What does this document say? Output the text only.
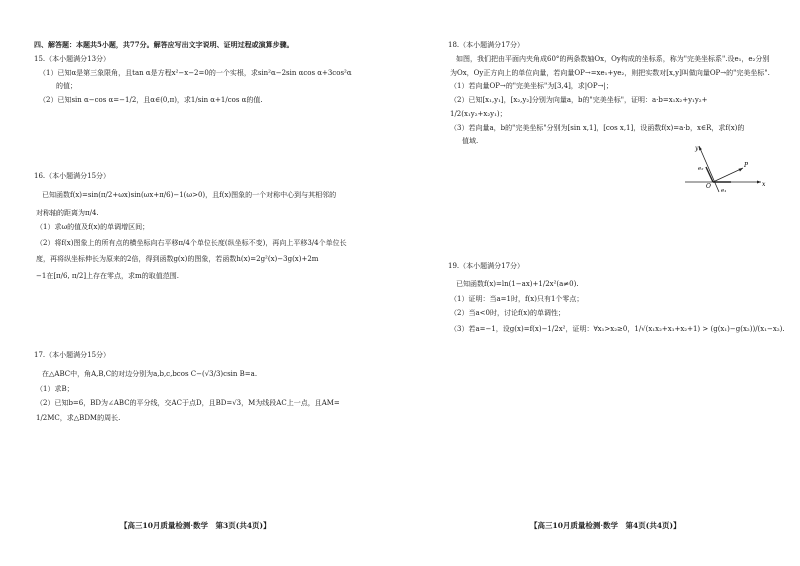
四、解答题：本题共5小题，共77分。解答应写出文字说明、证明过程或演算步骤。
15.（本小题满分13分）
（1）已知α是第三象限角，且tan α是方程x²−x−2=0的一个实根，求sin²α−2sin αcos α+3cos²α
的值；
（2）已知sin α−cos α=−1/2，且α∈(0,π)，求1/sin α+1/cos α的值.
16.（本小题满分15分）
已知函数f(x)=sin(π/2+ωx)sin(ωx+π/6)−1(ω>0)，且f(x)图象的一个对称中心到与其相邻的
对称轴的距离为π/4.
（1）求ω的值及f(x)的单调增区间；
（2）将f(x)图象上的所有点的横坐标向右平移π/4个单位长度(纵坐标不变)，再向上平移3/4个单位长
度，再将纵坐标伸长为原来的2倍，得到函数g(x)的图象，若函数h(x)=2g²(x)−3g(x)+2m
−1在[π/6, π/2]上存在零点，求m的取值范围.
17.（本小题满分15分）
在△ABC中，角A,B,C的对边分别为a,b,c,bcos C−(√3/3)csin B=a.
（1）求B；
（2）已知b=6，BD为∠ABC的平分线，交AC于点D，且BD=√3，M为线段AC上一点，且AM=
1/2MC，求△BDM的周长.
【高三10月质量检测·数学　第3页(共4页)】
18.（本小题满分17分）
如图，我们把由平面内夹角成60°的两条数轴Ox，Oy构成的坐标系，称为"完美坐标系".设e₁，e₂分别
为Ox，Oy正方向上的单位向量，若向量OP→=xe₁+ye₂，则把实数对[x,y]叫做向量OP→的"完美坐标".
（1）若向量OP→的"完美坐标"为[3,4]，求|OP→|；
（2）已知[x₁,y₁]，[x₂,y₂]分别为向量a，b的"完美坐标"，证明：a·b=x₁x₂+y₁y₂+
1/2(x₁y₂+x₂y₁)；
（3）若向量a，b的"完美坐标"分别为[sin x,1]，[cos x,1]，设函数f(x)=a·b，x∈R，求f(x)的
值域.
y
x
e₂
e₁
O
P
19.（本小题满分17分）
已知函数f(x)=ln(1−ax)+1/2x²(a≠0).
（1）证明：当a=1时，f(x)只有1个零点；
（2）当a<0时，讨论f(x)的单调性；
（3）若a=−1，设g(x)=f(x)−1/2x²，证明：∀x₁>x₂≥0，1/√(x₁x₂+x₁+x₂+1) > (g(x₁)−g(x₂))/(x₁−x₂).
【高三10月质量检测·数学　第4页(共4页)】
